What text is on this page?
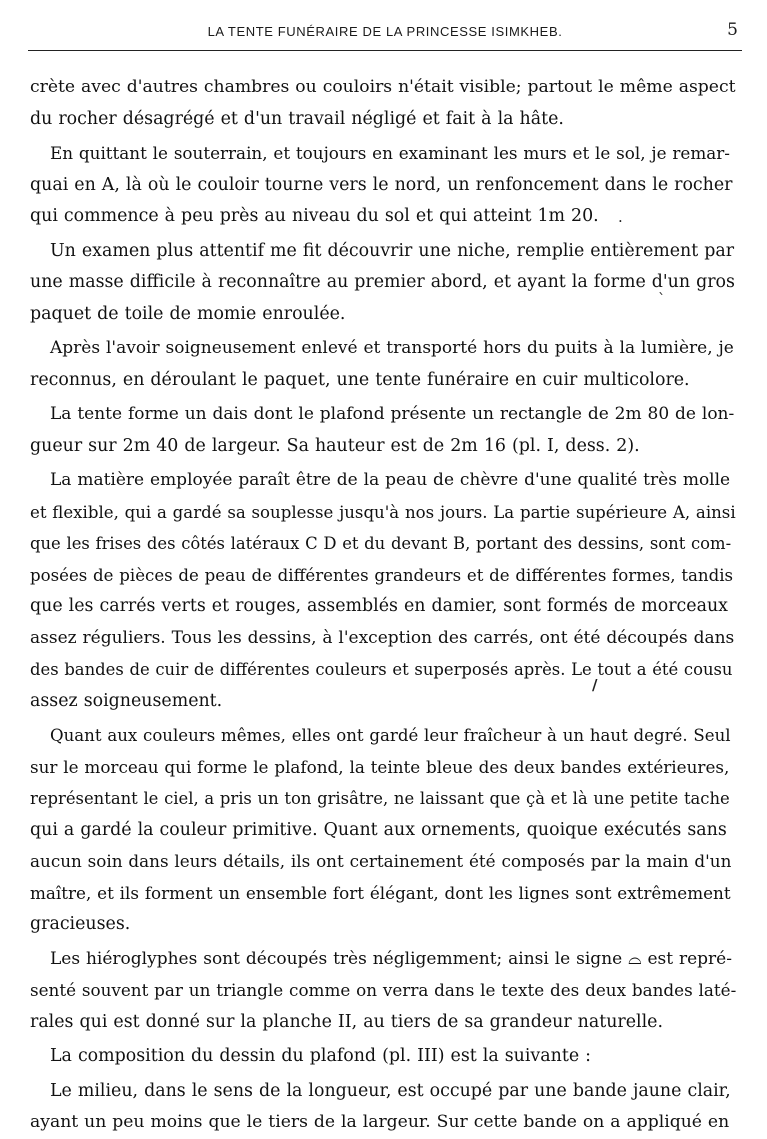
LA TENTE FUNÉRAIRE DE LA PRINCESSE ISIMKHEB.	5
crète avec d'autres chambres ou couloirs n'était visible; partout le même aspect
du rocher désagrégé et d'un travail négligé et fait à la hâte.
En quittant le souterrain, et toujours en examinant les murs et le sol, je remar-
quai en A, là où le couloir tourne vers le nord, un renfoncement dans le rocher
qui commence à peu près au niveau du sol et qui atteint 1m 20.
Un examen plus attentif me fit découvrir une niche, remplie entièrement par
une masse difficile à reconnaître au premier abord, et ayant la forme d'un gros
paquet de toile de momie enroulée.
Après l'avoir soigneusement enlevé et transporté hors du puits à la lumière, je
reconnus, en déroulant le paquet, une tente funéraire en cuir multicolore.
La tente forme un dais dont le plafond présente un rectangle de 2m 80 de lon-
gueur sur 2m 40 de largeur. Sa hauteur est de 2m 16 (pl. I, dess. 2).
La matière employée paraît être de la peau de chèvre d'une qualité très molle
et flexible, qui a gardé sa souplesse jusqu'à nos jours. La partie supérieure A, ainsi
que les frises des côtés latéraux C D et du devant B, portant des dessins, sont com-
posées de pièces de peau de différentes grandeurs et de différentes formes, tandis
que les carrés verts et rouges, assemblés en damier, sont formés de morceaux
assez réguliers. Tous les dessins, à l'exception des carrés, ont été découpés dans
des bandes de cuir de différentes couleurs et superposés après. Le tout a été cousu
assez soigneusement.
Quant aux couleurs mêmes, elles ont gardé leur fraîcheur à un haut degré. Seul
sur le morceau qui forme le plafond, la teinte bleue des deux bandes extérieures,
représentant le ciel, a pris un ton grisâtre, ne laissant que çà et là une petite tache
qui a gardé la couleur primitive. Quant aux ornements, quoique exécutés sans
aucun soin dans leurs détails, ils ont certainement été composés par la main d'un
maître, et ils forment un ensemble fort élégant, dont les lignes sont extrêmement
gracieuses.
Les hiéroglyphes sont découpés très négligemment; ainsi le signe ⌓ est repré-
senté souvent par un triangle comme on verra dans le texte des deux bandes laté-
rales qui est donné sur la planche II, au tiers de sa grandeur naturelle.
La composition du dessin du plafond (pl. III) est la suivante :
Le milieu, dans le sens de la longueur, est occupé par une bande jaune clair,
ayant un peu moins que le tiers de la largeur. Sur cette bande on a appliqué en
.
ˋ
/
